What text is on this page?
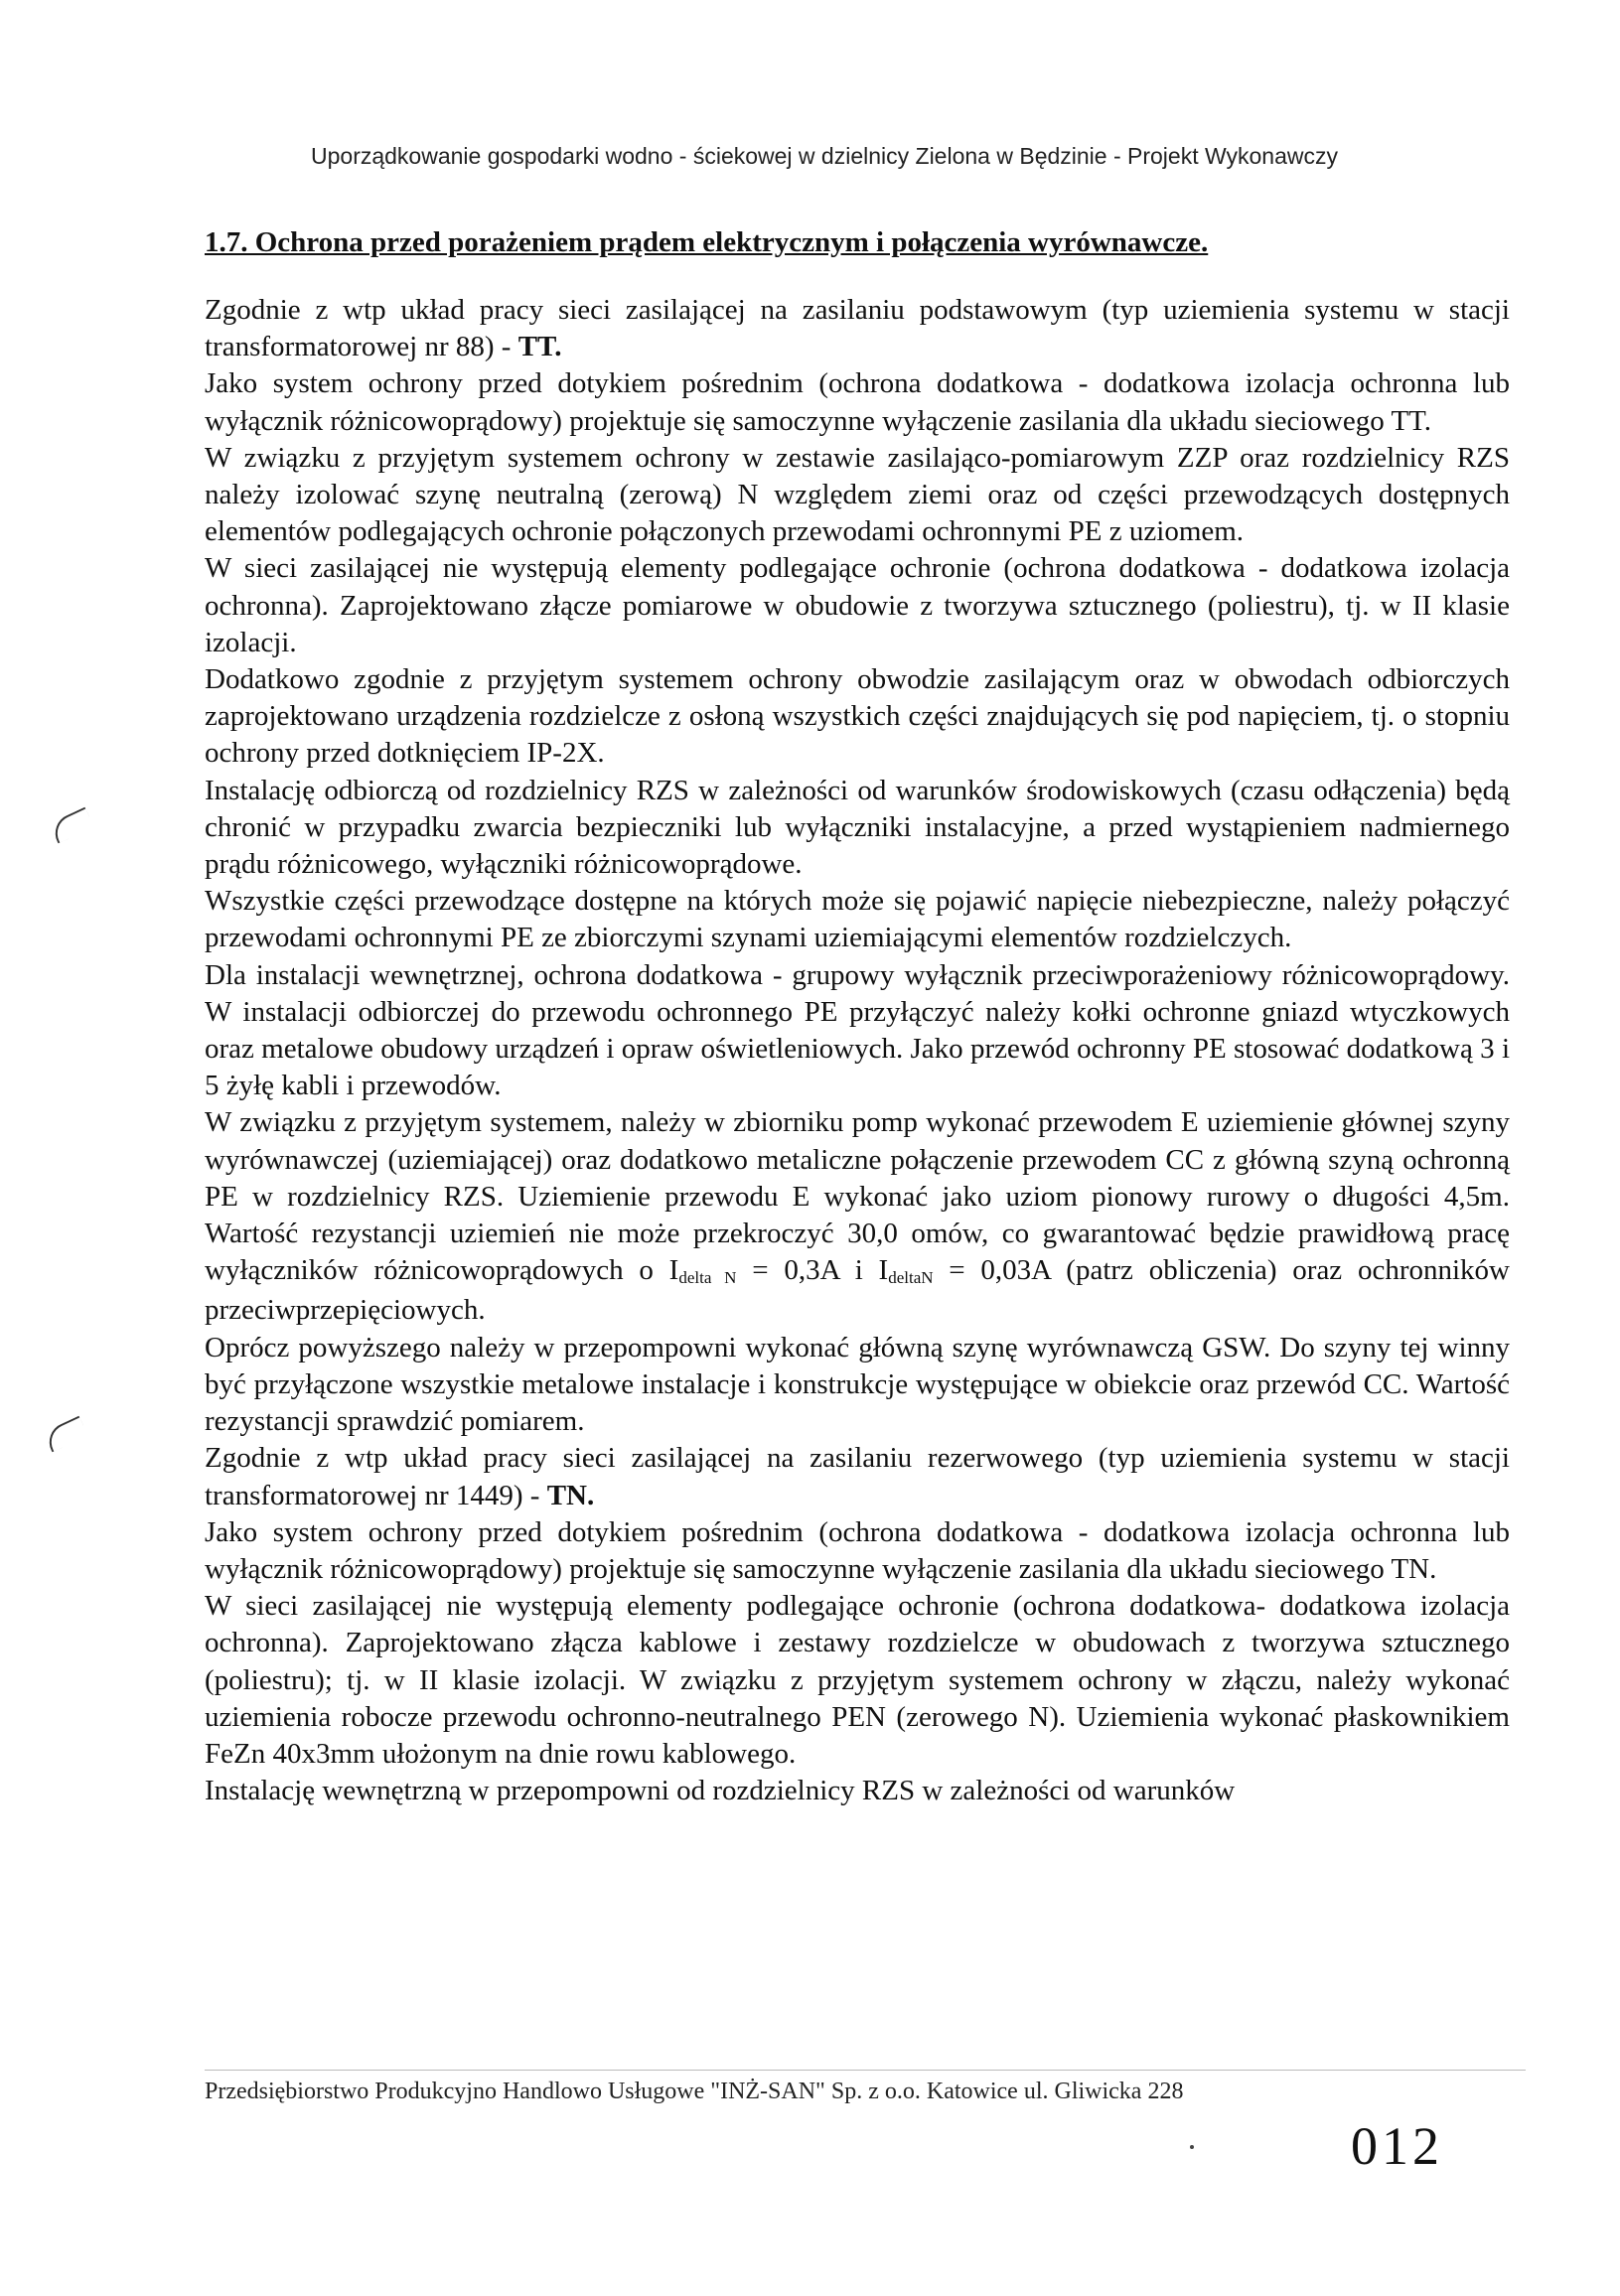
Uporządkowanie gospodarki wodno - ściekowej w dzielnicy Zielona w Będzinie - Projekt Wykonawczy
1.7. Ochrona przed porażeniem prądem elektrycznym i połączenia wyrównawcze.

Zgodnie z wtp układ pracy sieci zasilającej na zasilaniu podstawowym (typ uziemienia systemu w stacji transformatorowej nr 88) - TT.

Jako system ochrony przed dotykiem pośrednim (ochrona dodatkowa - dodatkowa izolacja ochronna lub wyłącznik różnicowoprądowy) projektuje się samoczynne wyłączenie zasilania dla układu sieciowego TT.

W związku z przyjętym systemem ochrony w zestawie zasilająco-pomiarowym ZZP oraz rozdzielnicy RZS należy izolować szynę neutralną (zerową) N względem ziemi oraz od części przewodzących dostępnych elementów podlegających ochronie połączonych przewodami ochronnymi PE z uziomem.

W sieci zasilającej nie występują elementy podlegające ochronie (ochrona dodatkowa - dodatkowa izolacja ochronna). Zaprojektowano złącze pomiarowe w obudowie z tworzywa sztucznego (poliestru), tj. w II klasie izolacji.

Dodatkowo zgodnie z przyjętym systemem ochrony obwodzie zasilającym oraz w obwodach odbiorczych zaprojektowano urządzenia rozdzielcze z osłoną wszystkich części znajdujących się pod napięciem, tj. o stopniu ochrony przed dotknięciem IP-2X.

Instalację odbiorczą od rozdzielnicy RZS w zależności od warunków środowiskowych (czasu odłączenia) będą chronić w przypadku zwarcia bezpieczniki lub wyłączniki instalacyjne, a przed wystąpieniem nadmiernego prądu różnicowego, wyłączniki różnicowoprądowe.

Wszystkie części przewodzące dostępne na których może się pojawić napięcie niebezpieczne, należy połączyć przewodami ochronnymi PE ze zbiorczymi szynami uziemiającymi elementów rozdzielczych.

Dla instalacji wewnętrznej, ochrona dodatkowa - grupowy wyłącznik przeciwporażeniowy różnicowoprądowy. W instalacji odbiorczej do przewodu ochronnego PE przyłączyć należy kołki ochronne gniazd wtyczkowych oraz metalowe obudowy urządzeń i opraw oświetleniowych. Jako przewód ochronny PE stosować dodatkową 3 i 5 żyłę kabli i przewodów.

W związku z przyjętym systemem, należy w zbiorniku pomp wykonać przewodem E uziemienie głównej szyny wyrównawczej (uziemiającej) oraz dodatkowo metaliczne połączenie przewodem CC z główną szyną ochronną PE w rozdzielnicy RZS. Uziemienie przewodu E wykonać jako uziom pionowy rurowy o długości 4,5m. Wartość rezystancji uziemień nie może przekroczyć 30,0 omów, co gwarantować będzie prawidłową pracę wyłączników różnicowoprądowych o Idelta N = 0,3A i IdeltaN = 0,03A (patrz obliczenia) oraz ochronników przeciwprzepięciowych.

Oprócz powyższego należy w przepompowni wykonać główną szynę wyrównawczą GSW. Do szyny tej winny być przyłączone wszystkie metalowe instalacje i konstrukcje występujące w obiekcie oraz przewód CC. Wartość rezystancji sprawdzić pomiarem.

Zgodnie z wtp układ pracy sieci zasilającej na zasilaniu rezerwowego (typ uziemienia systemu w stacji transformatorowej nr 1449) - TN.

Jako system ochrony przed dotykiem pośrednim (ochrona dodatkowa - dodatkowa izolacja ochronna lub wyłącznik różnicowoprądowy) projektuje się samoczynne wyłączenie zasilania dla układu sieciowego TN.

W sieci zasilającej nie występują elementy podlegające ochronie (ochrona dodatkowa- dodatkowa izolacja ochronna). Zaprojektowano złącza kablowe i zestawy rozdzielcze w obudowach z tworzywa sztucznego (poliestru); tj. w II klasie izolacji. W związku z przyjętym systemem ochrony w złączu, należy wykonać uziemienia robocze przewodu ochronno-neutralnego PEN (zerowego N). Uziemienia wykonać płaskownikiem FeZn 40x3mm ułożonym na dnie rowu kablowego.

Instalację wewnętrzną w przepompowni od rozdzielnicy RZS w zależności od warunków

Przedsiębiorstwo Produkcyjno Handlowo Usługowe "INŻ-SAN" Sp. z o.o. Katowice ul. Gliwicka 228
012
